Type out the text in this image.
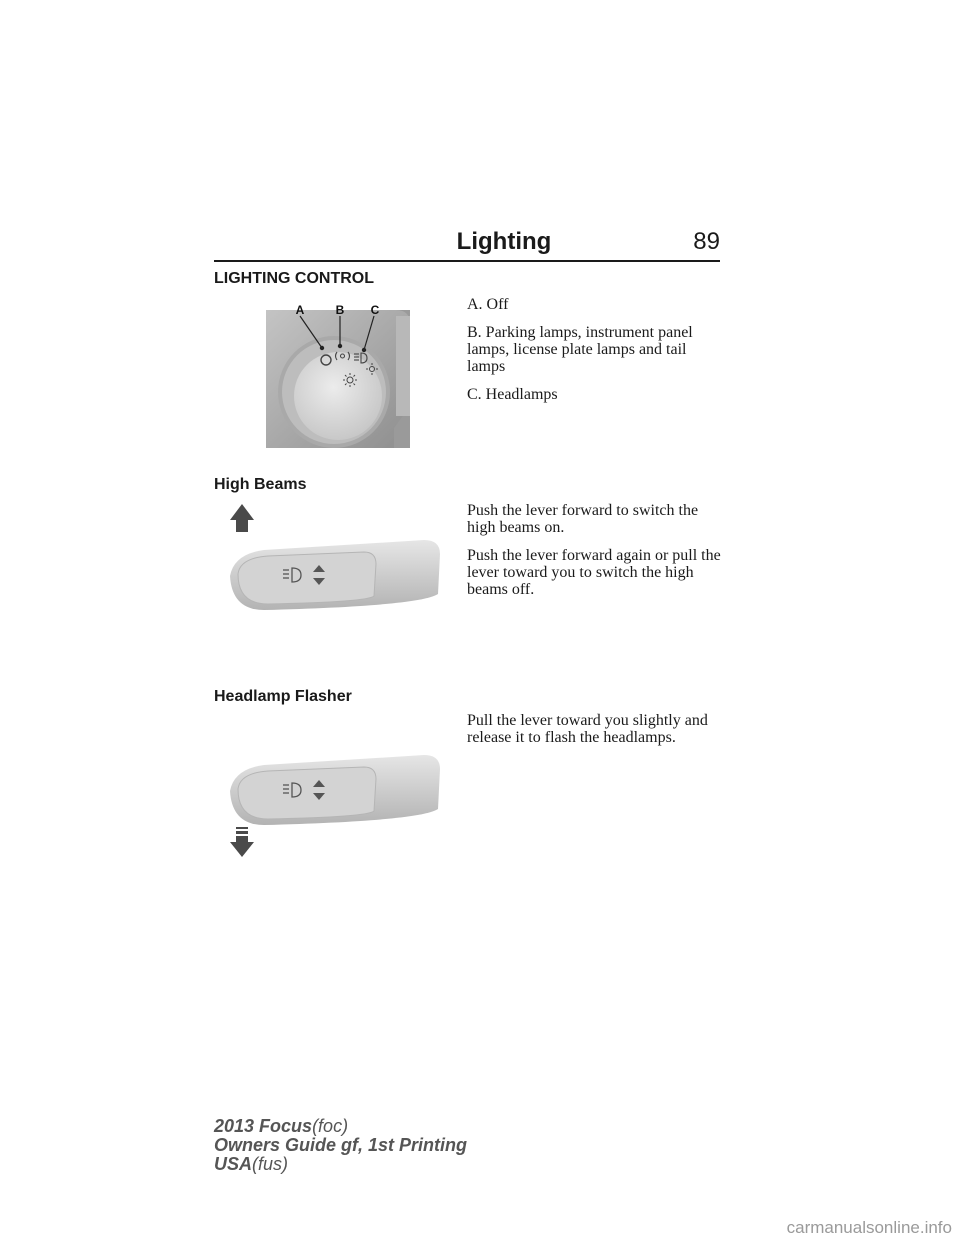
Lighting	89
LIGHTING CONTROL
A	B C	A. Off

B. Parking lamps, instrument panel lamps, license plate lamps and tail lamps

C. Headlamps

High Beams

Push the lever forward to switch the high beams on.

Push the lever forward again or pull the lever toward you to switch the high beams off.

Headlamp Flasher

Pull the lever toward you slightly and release it to flash the headlamps.

2013 Focus(foc)
Owners Guide gf, 1st Printing
USA(fus)
carmanualsonline.info
